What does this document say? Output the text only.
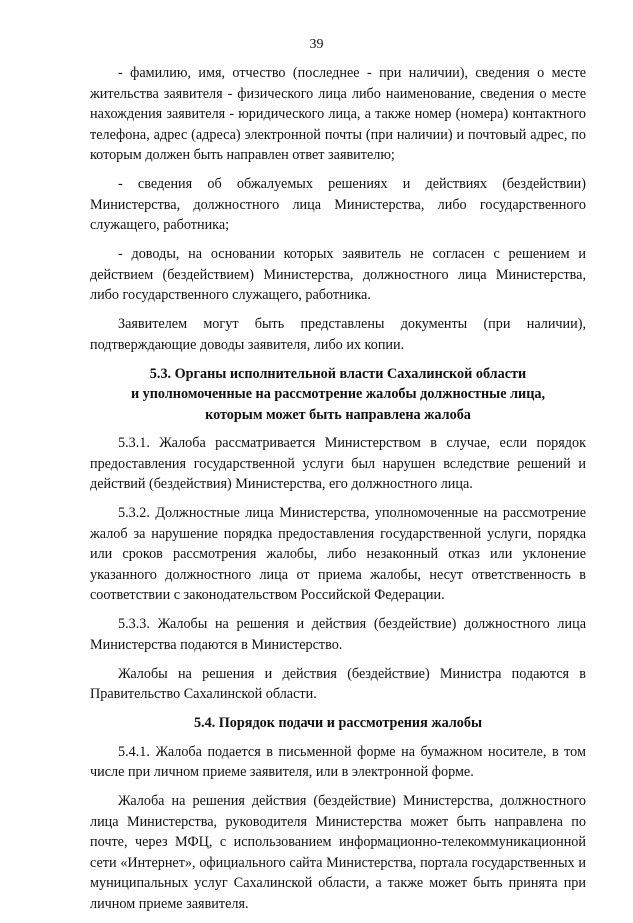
39

- фамилию, имя, отчество (последнее - при наличии), сведения о месте жительства заявителя - физического лица либо наименование, сведения о месте нахождения заявителя - юридического лица, а также номер (номера) контактного телефона, адрес (адреса) электронной почты (при наличии) и почтовый адрес, по которым должен быть направлен ответ заявителю;

- сведения об обжалуемых решениях и действиях (бездействии) Министерства, должностного лица Министерства, либо государственного служащего, работника;

- доводы, на основании которых заявитель не согласен с решением и действием (бездействием) Министерства, должностного лица Министерства, либо государственного служащего, работника.

Заявителем могут быть представлены документы (при наличии), подтверждающие доводы заявителя, либо их копии.

5.3. Органы исполнительной власти Сахалинской области
и уполномоченные на рассмотрение жалобы должностные лица,
которым может быть направлена жалоба

5.3.1. Жалоба рассматривается Министерством в случае, если порядок предоставления государственной услуги был нарушен вследствие решений и действий (бездействия) Министерства, его должностного лица.

5.3.2. Должностные лица Министерства, уполномоченные на рассмотрение жалоб за нарушение порядка предоставления государственной услуги, порядка или сроков рассмотрения жалобы, либо незаконный отказ или уклонение указанного должностного лица от приема жалобы, несут ответственность в соответствии с законодательством Российской Федерации.

5.3.3. Жалобы на решения и действия (бездействие) должностного лица Министерства подаются в Министерство.

Жалобы на решения и действия (бездействие) Министра подаются в Правительство Сахалинской области.

5.4. Порядок подачи и рассмотрения жалобы

5.4.1. Жалоба подается в письменной форме на бумажном носителе, в том числе при личном приеме заявителя, или в электронной форме.

Жалоба на решения действия (бездействие) Министерства, должностного лица Министерства, руководителя Министерства может быть направлена по почте, через МФЦ, с использованием информационно-телекоммуникационной сети «Интернет», официального сайта Министерства, портала государственных и муниципальных услуг Сахалинской области, а также может быть принята при личном приеме заявителя.
